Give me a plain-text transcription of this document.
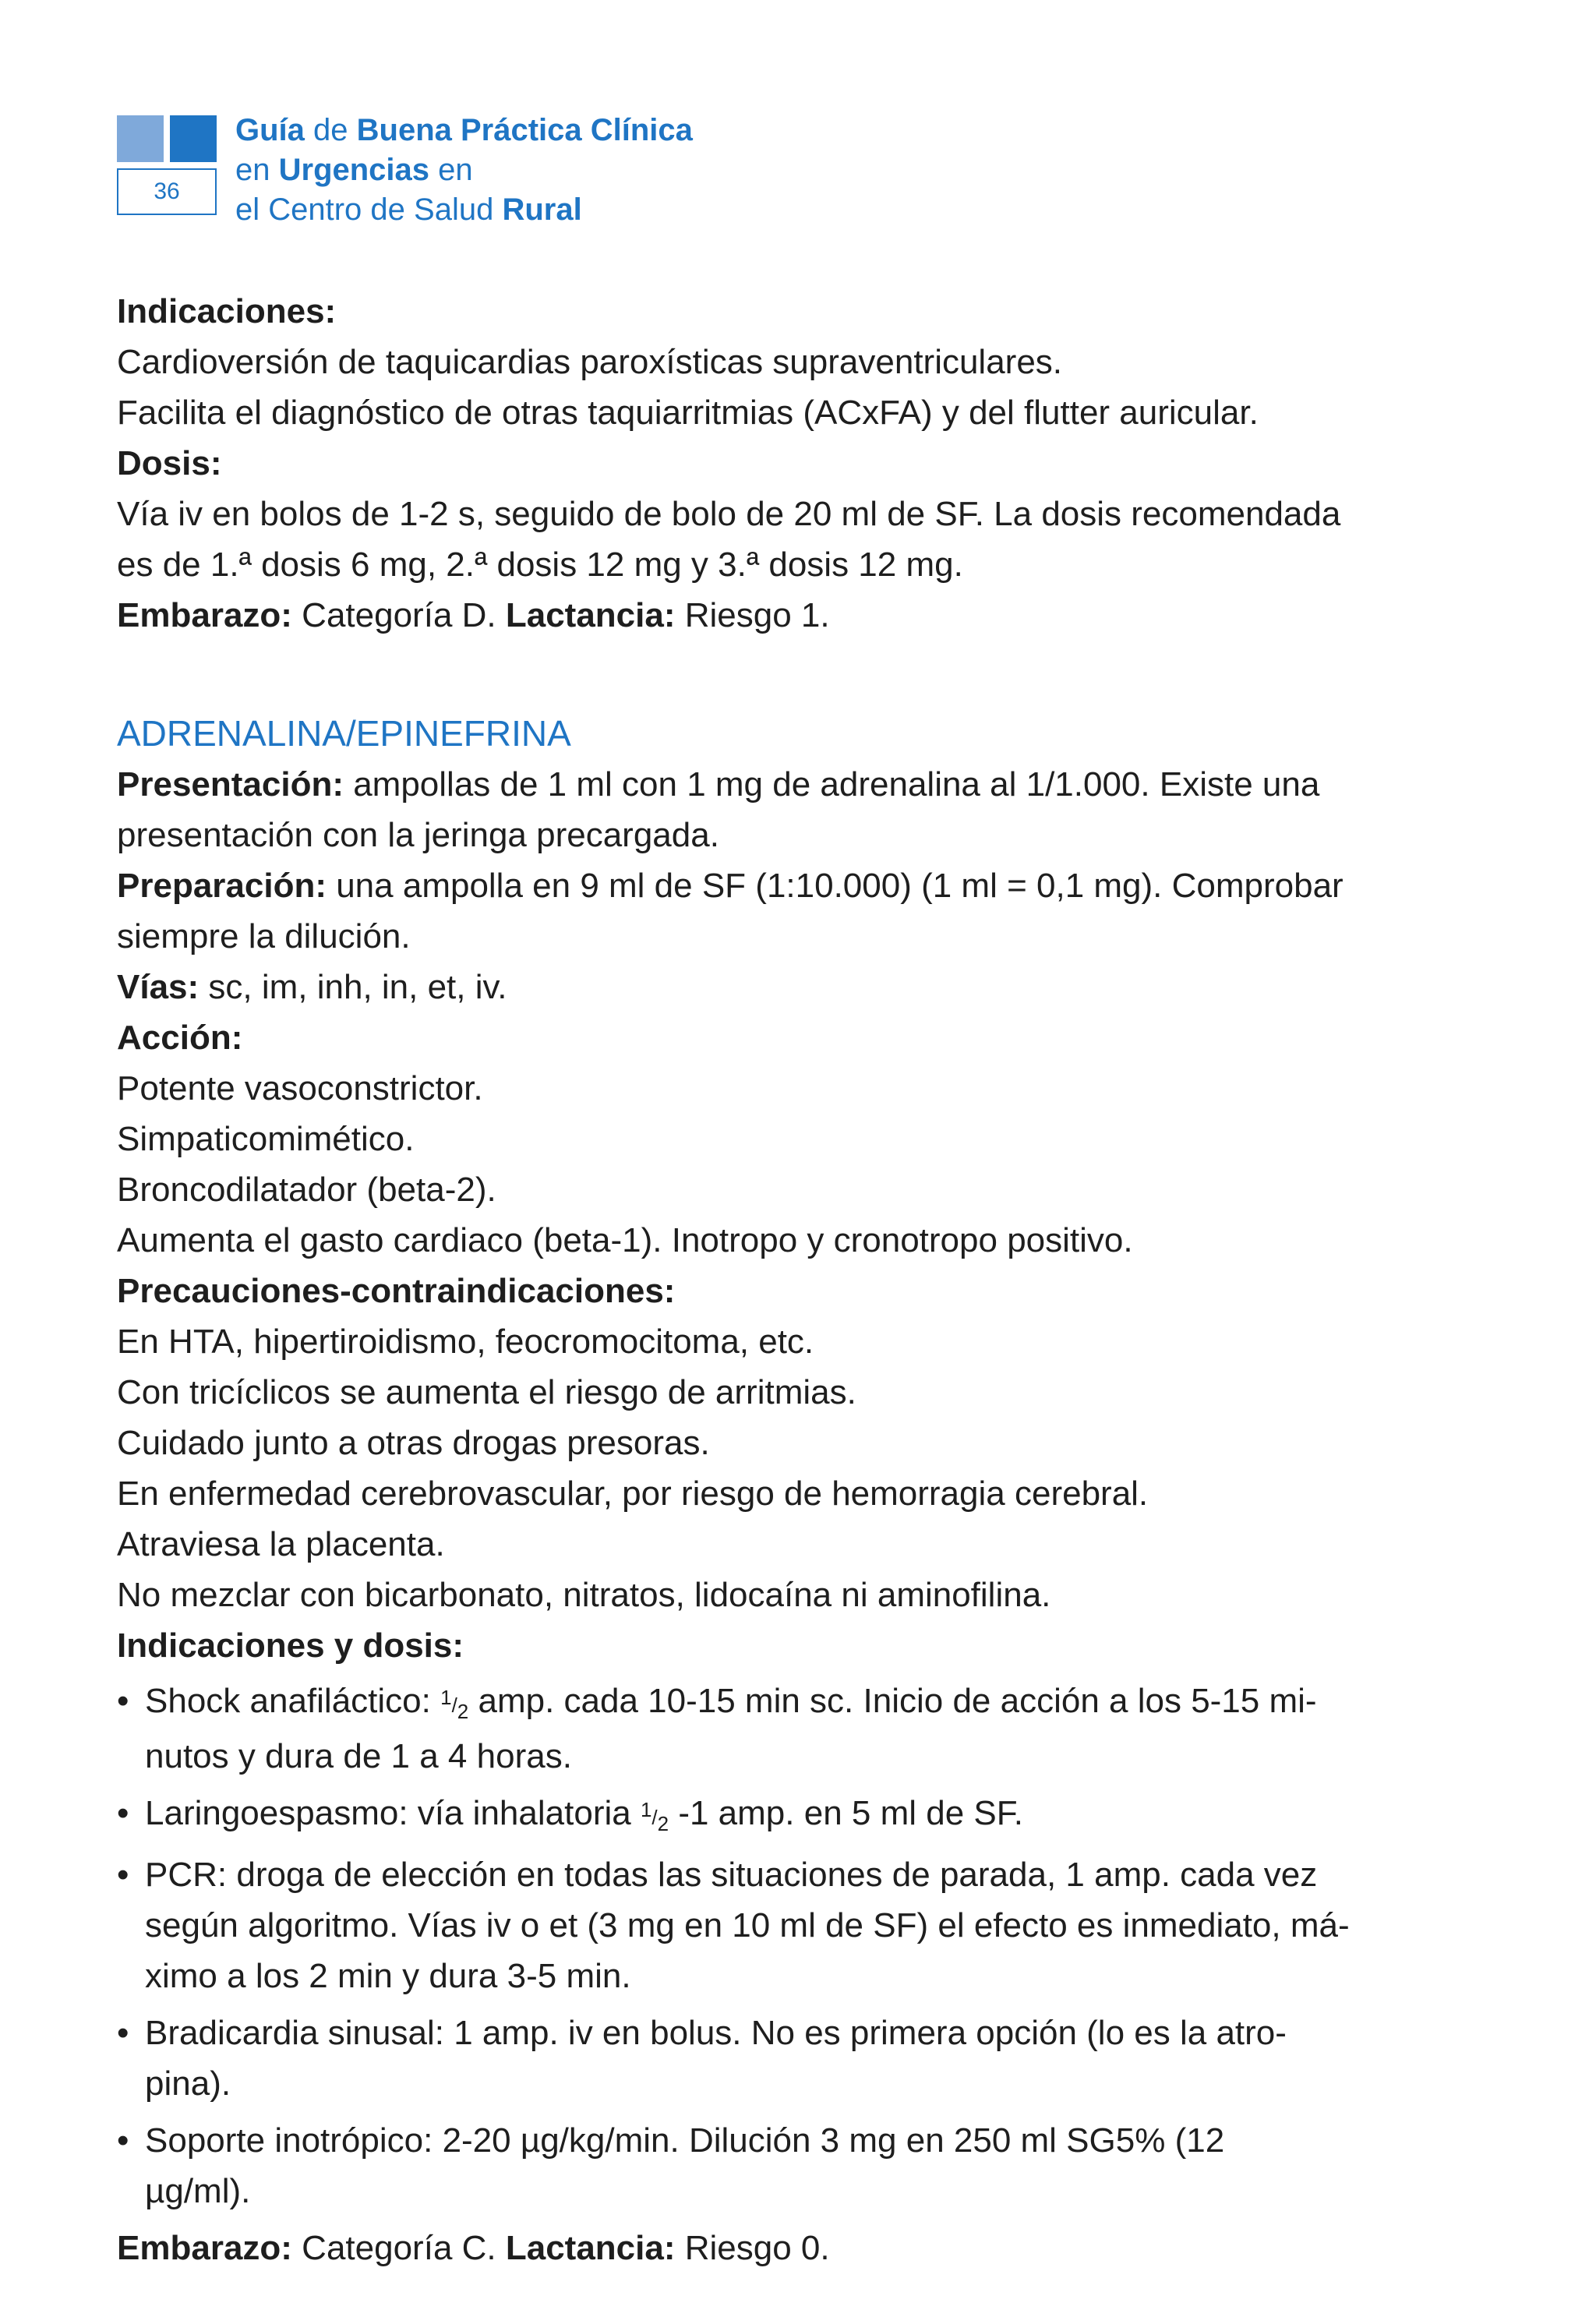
36
Guía de Buena Práctica Clínica
en Urgencias en
el Centro de Salud Rural

Indicaciones:

Cardioversión de taquicardias paroxísticas supraventriculares.

Facilita el diagnóstico de otras taquiarritmias (ACxFA) y del flutter auricular.

Dosis:

Vía iv en bolos de 1-2 s, seguido de bolo de 20 ml de SF. La dosis recomendada

es de 1.ª dosis 6 mg, 2.ª dosis 12 mg y 3.ª dosis 12 mg.

Embarazo: Categoría D. Lactancia: Riesgo 1.

ADRENALINA/EPINEFRINA

Presentación: ampollas de 1 ml con 1 mg de adrenalina al 1/1.000. Existe una

presentación con la jeringa precargada.

Preparación: una ampolla en 9 ml de SF (1:10.000) (1 ml = 0,1 mg). Comprobar

siempre la dilución.

Vías: sc, im, inh, in, et, iv.

Acción:

Potente vasoconstrictor.

Simpaticomimético.

Broncodilatador (beta-2).

Aumenta el gasto cardiaco (beta-1). Inotropo y cronotropo positivo.

Precauciones-contraindicaciones:

En HTA, hipertiroidismo, feocromocitoma, etc.

Con tricíclicos se aumenta el riesgo de arritmias.

Cuidado junto a otras drogas presoras.

En enfermedad cerebrovascular, por riesgo de hemorragia cerebral.

Atraviesa la placenta.

No mezclar con bicarbonato, nitratos, lidocaína ni aminofilina.

Indicaciones y dosis:

• Shock anafiláctico: 1/2 amp. cada 10-15 min sc. Inicio de acción a los 5-15 mi-
nutos y dura de 1 a 4 horas.
• Laringoespasmo: vía inhalatoria 1/2 -1 amp. en 5 ml de SF.
• PCR: droga de elección en todas las situaciones de parada, 1 amp. cada vez
según algoritmo. Vías iv o et (3 mg en 10 ml de SF) el efecto es inmediato, má-
ximo a los 2 min y dura 3-5 min.
• Bradicardia sinusal: 1 amp. iv en bolus. No es primera opción (lo es la atro-
pina).
• Soporte inotrópico: 2-20 µg/kg/min. Dilución 3 mg en 250 ml SG5% (12
µg/ml).

Embarazo: Categoría C. Lactancia: Riesgo 0.
